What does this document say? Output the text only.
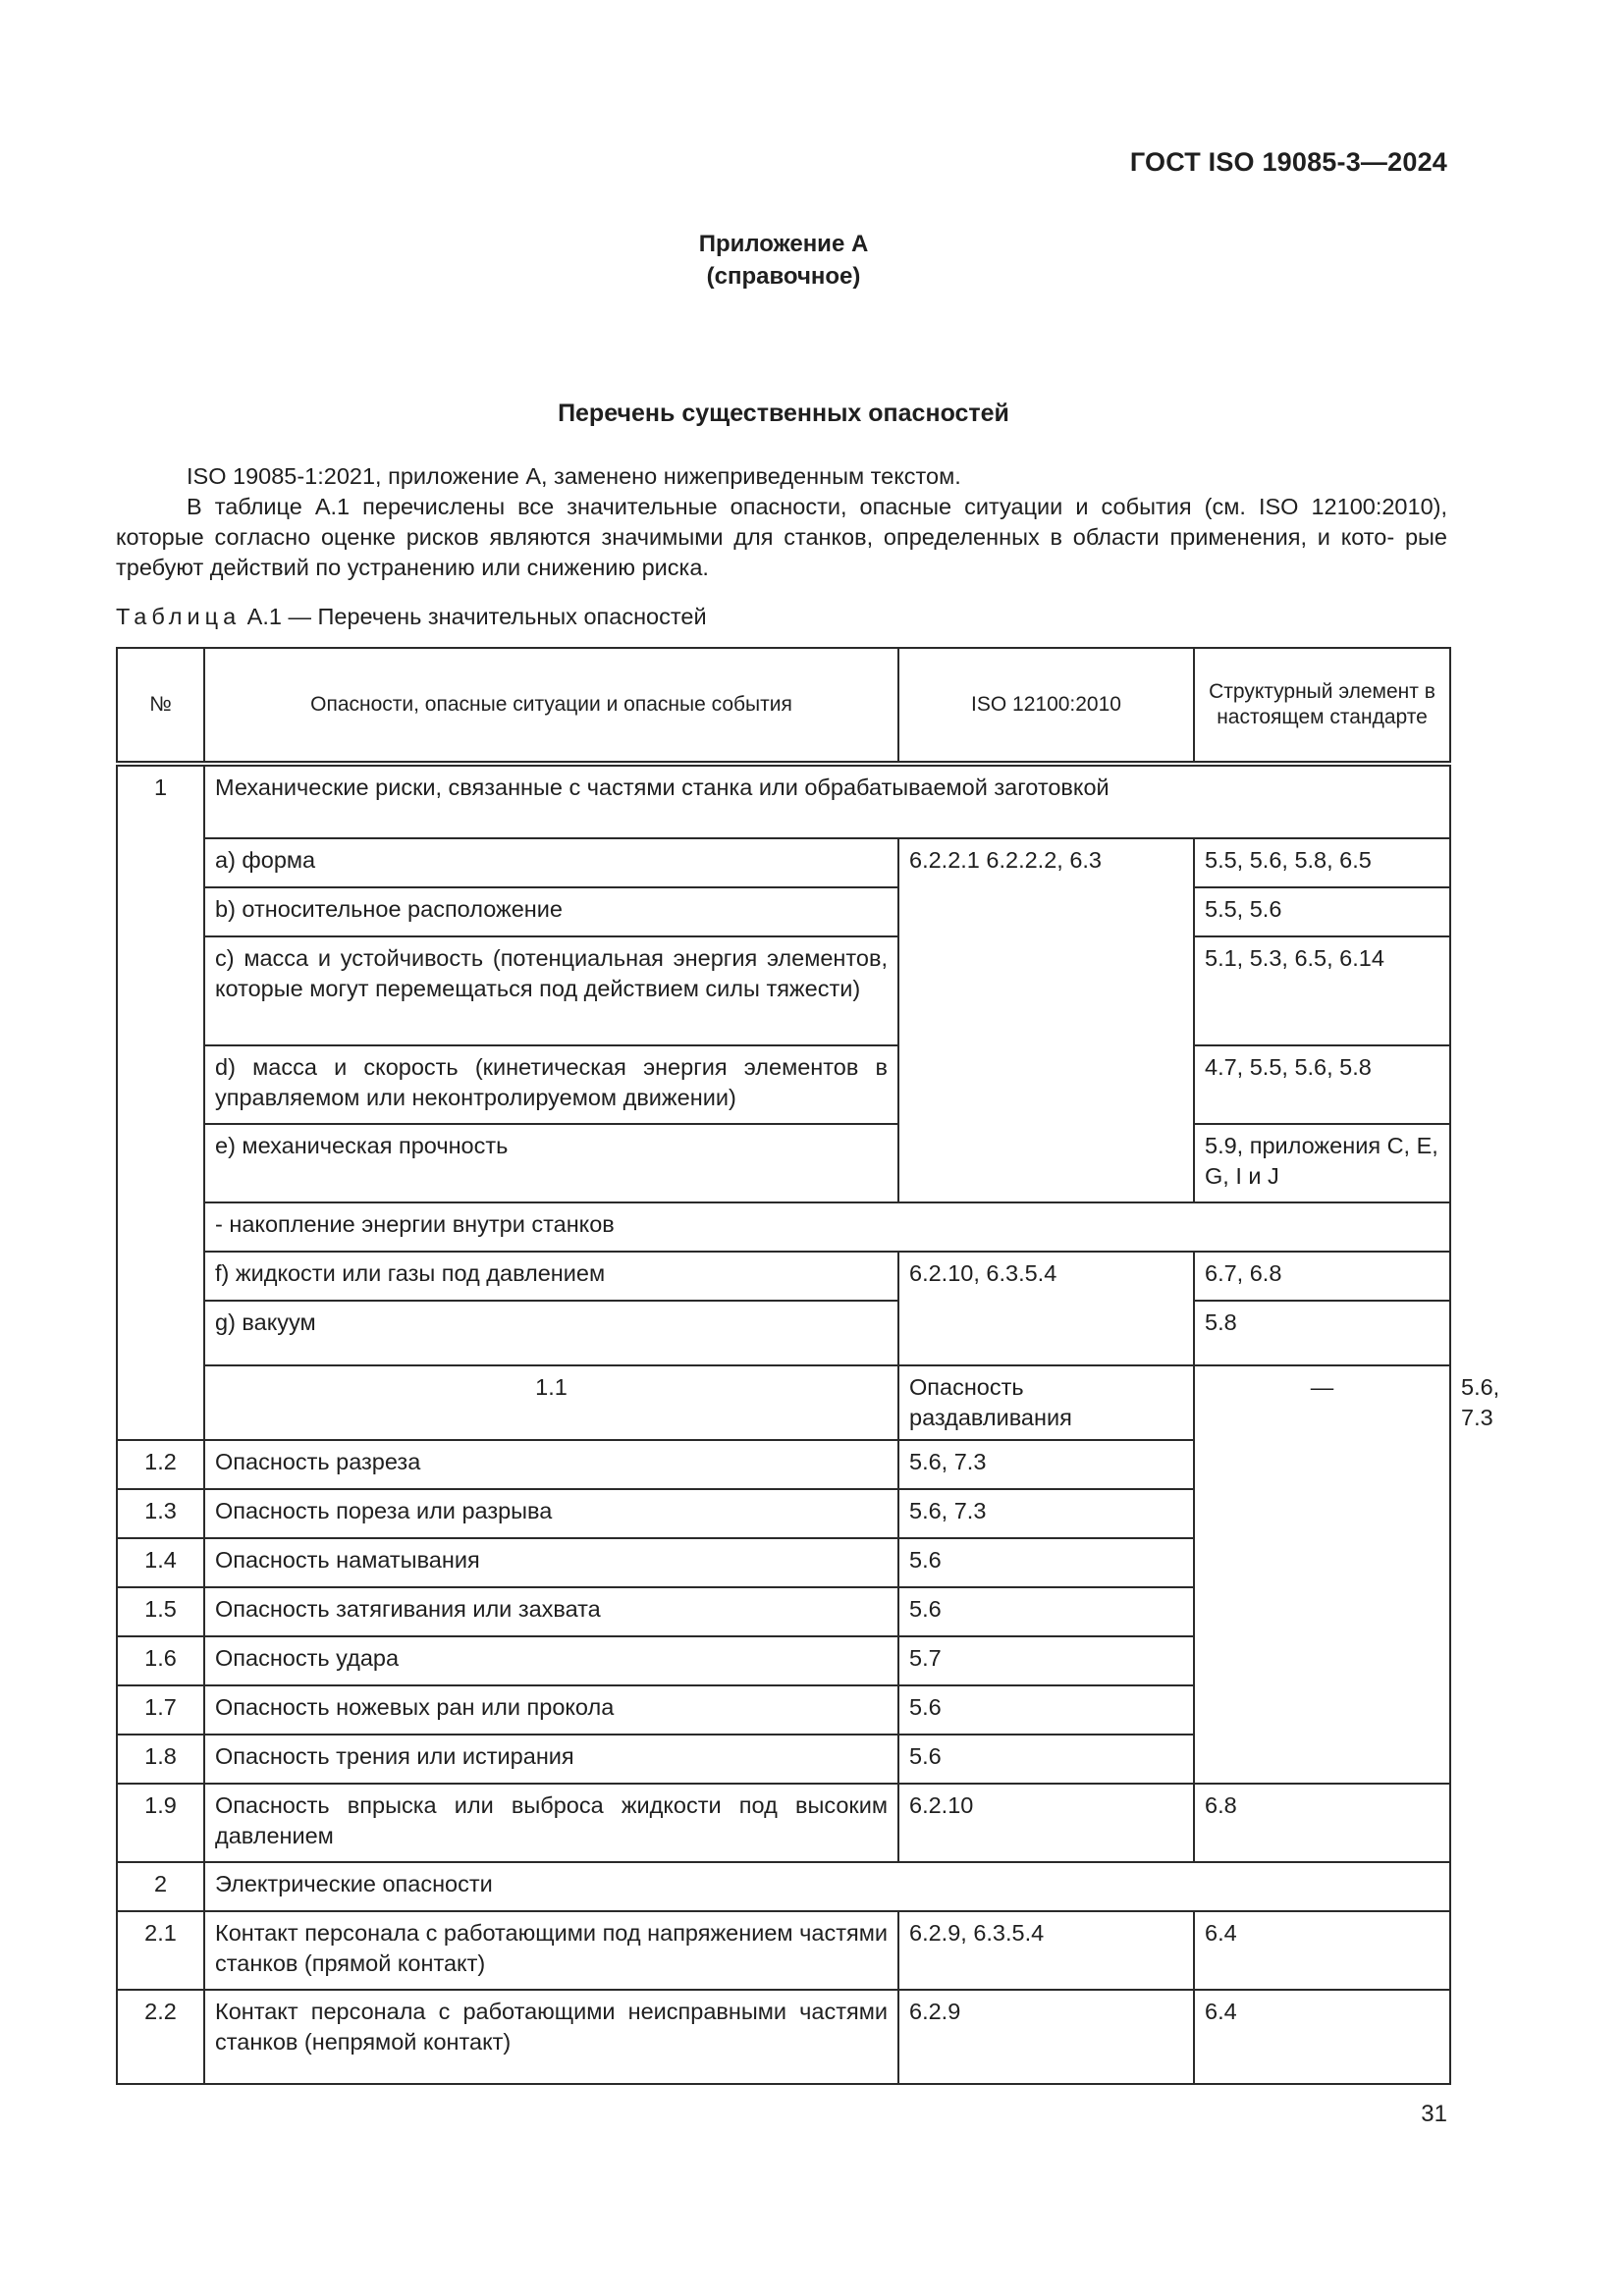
ГОСТ ISO 19085-3—2024
Приложение А
(справочное)
Перечень существенных опасностей

ISO 19085-1:2021, приложение А, заменено нижеприведенным текстом.

В таблице А.1 перечислены все значительные опасности, опасные ситуации и события (см. ISO 12100:2010), которые согласно оценке рисков являются значимыми для станков, определенных в области применения, и кото- рые требуют действий по устранению или снижению риска.

Таблица А.1 — Перечень значительных опасностей
№	Опасности, опасные ситуации и опасные события	ISO 12100:2010	Структурный элемент в настоящем стандарте	
1	Механические риски, связанные с частями станка или обрабатываемой заготовкой			
	а) форма	6.2.2.1 6.2.2.2, 6.3	5.5, 5.6, 5.8, 6.5	
	b) относительное расположение		5.5, 5.6	
	с) масса и устойчивость (потенциальная энергия элементов, которые могут перемещаться под действием силы тяжести)		5.1, 5.3, 6.5, 6.14	
	d) масса и скорость (кинетическая энергия элементов в управляемом или неконтролируемом движении)		4.7, 5.5, 5.6, 5.8	
	е) механическая прочность		5.9, приложения С, Е, G, I и J	
	- накопление энергии внутри станков			
	f) жидкости или газы под давлением	6.2.10, 6.3.5.4	6.7, 6.8	
	g) вакуум		5.8	
	1.1	Опасность раздавливания	—	5.6, 7.3
1.2	Опасность разреза	5.6, 7.3		
1.3	Опасность пореза или разрыва	5.6, 7.3		
1.4	Опасность наматывания	5.6		
1.5	Опасность затягивания или захвата	5.6		
1.6	Опасность удара	5.7		
1.7	Опасность ножевых ран или прокола	5.6		
1.8	Опасность трения или истирания	5.6		
1.9	Опасность впрыска или выброса жидкости под высоким давлением	6.2.10	6.8	
2	Электрические опасности			
2.1	Контакт персонала с работающими под напряжением частями станков (прямой контакт)	6.2.9, 6.3.5.4	6.4	
2.2	Контакт персонала с работающими неисправными частями станков (непрямой контакт)	6.2.9	6.4	
31
